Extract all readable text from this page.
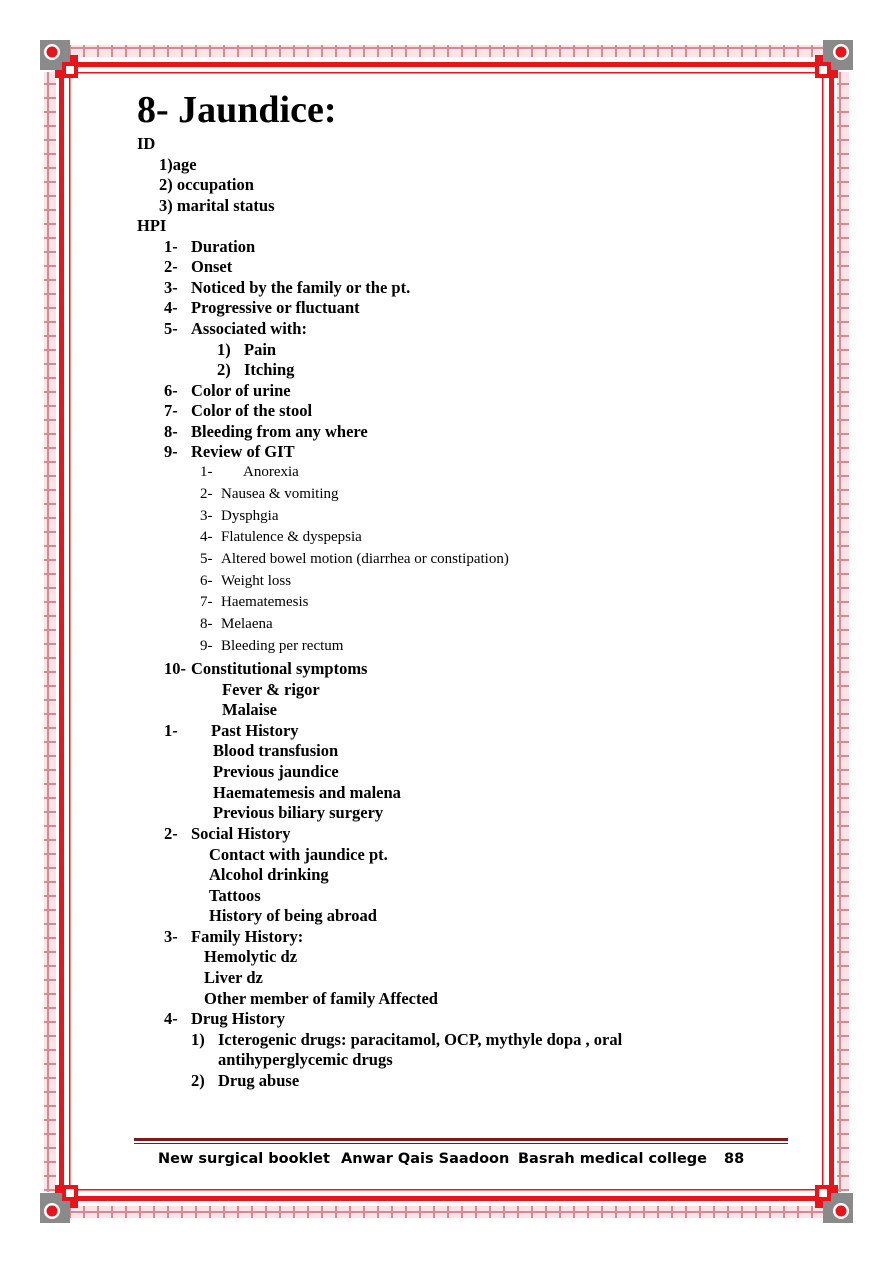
8- Jaundice:
ID
1)age
2) occupation
3) marital status
HPI
1- Duration
2- Onset
3- Noticed by the family or the pt.
4- Progressive or fluctuant
5- Associated with:
1) Pain
2) Itching
6- Color of urine
7- Color of the stool
8- Bleeding from any where
9- Review of GIT
1- Anorexia
2- Nausea & vomiting
3- Dysphgia
4- Flatulence & dyspepsia
5- Altered bowel motion (diarrhea or constipation)
6- Weight loss
7- Haematemesis
8- Melaena
9- Bleeding per rectum
10- Constitutional symptoms
Fever & rigor
Malaise
1- Past History
Blood transfusion
Previous jaundice
Haematemesis and malena
Previous biliary surgery
2- Social History
Contact with jaundice pt.
Alcohol drinking
Tattoos
History of being abroad
3- Family History:
Hemolytic dz
Liver dz
Other member of family Affected
4- Drug History
1) Icterogenic drugs: paracitamol, OCP, mythyle dopa , oral
antihyperglycemic drugs
2) Drug abuse
New surgical booklet Anwar Qais Saadoon Basrah medical college 88
